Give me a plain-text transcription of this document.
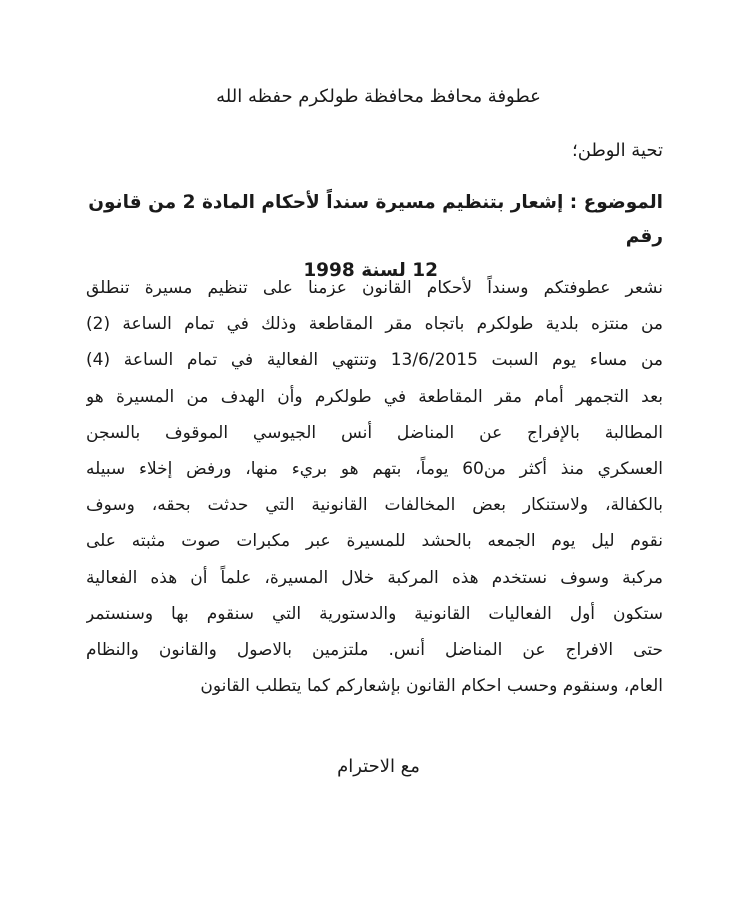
عطوفة محافظ محافظة طولكرم حفظه الله

تحية الوطن؛

الموضوع : إشعار بتنظيم مسيرة سنداً لأحكام المادة 2 من قانون رقم
12 لسنة 1998

نشعر عطوفتكم وسنداً لأحكام القانون عزمنا على تنظيم مسيرة تنطلق
من منتزه بلدية طولكرم باتجاه مقر المقاطعة وذلك في تمام الساعة (2)
من مساء يوم السبت 13/6/2015 وتنتهي الفعالية في تمام الساعة (4)
بعد التجمهر أمام مقر المقاطعة في طولكرم وأن الهدف من المسيرة هو
المطالبة بالإفراج عن المناضل أنس الجيوسي الموقوف بالسجن
العسكري منذ أكثر من60 يوماً، بتهم هو بريء منها، ورفض إخلاء سبيله
بالكفالة، ولاستنكار بعض المخالفات القانونية التي حدثت بحقه، وسوف
نقوم ليل يوم الجمعه بالحشد للمسيرة عبر مكبرات صوت مثبته على
مركبة وسوف نستخدم هذه المركبة خلال المسيرة، علماً أن هذه الفعالية
ستكون أول الفعاليات القانونية والدستورية التي سنقوم بها وسنستمر
حتى الافراج عن المناضل أنس. ملتزمين بالاصول والقانون والنظام
العام، وسنقوم وحسب احكام القانون بإشعاركم كما يتطلب القانون

مع الاحترام
